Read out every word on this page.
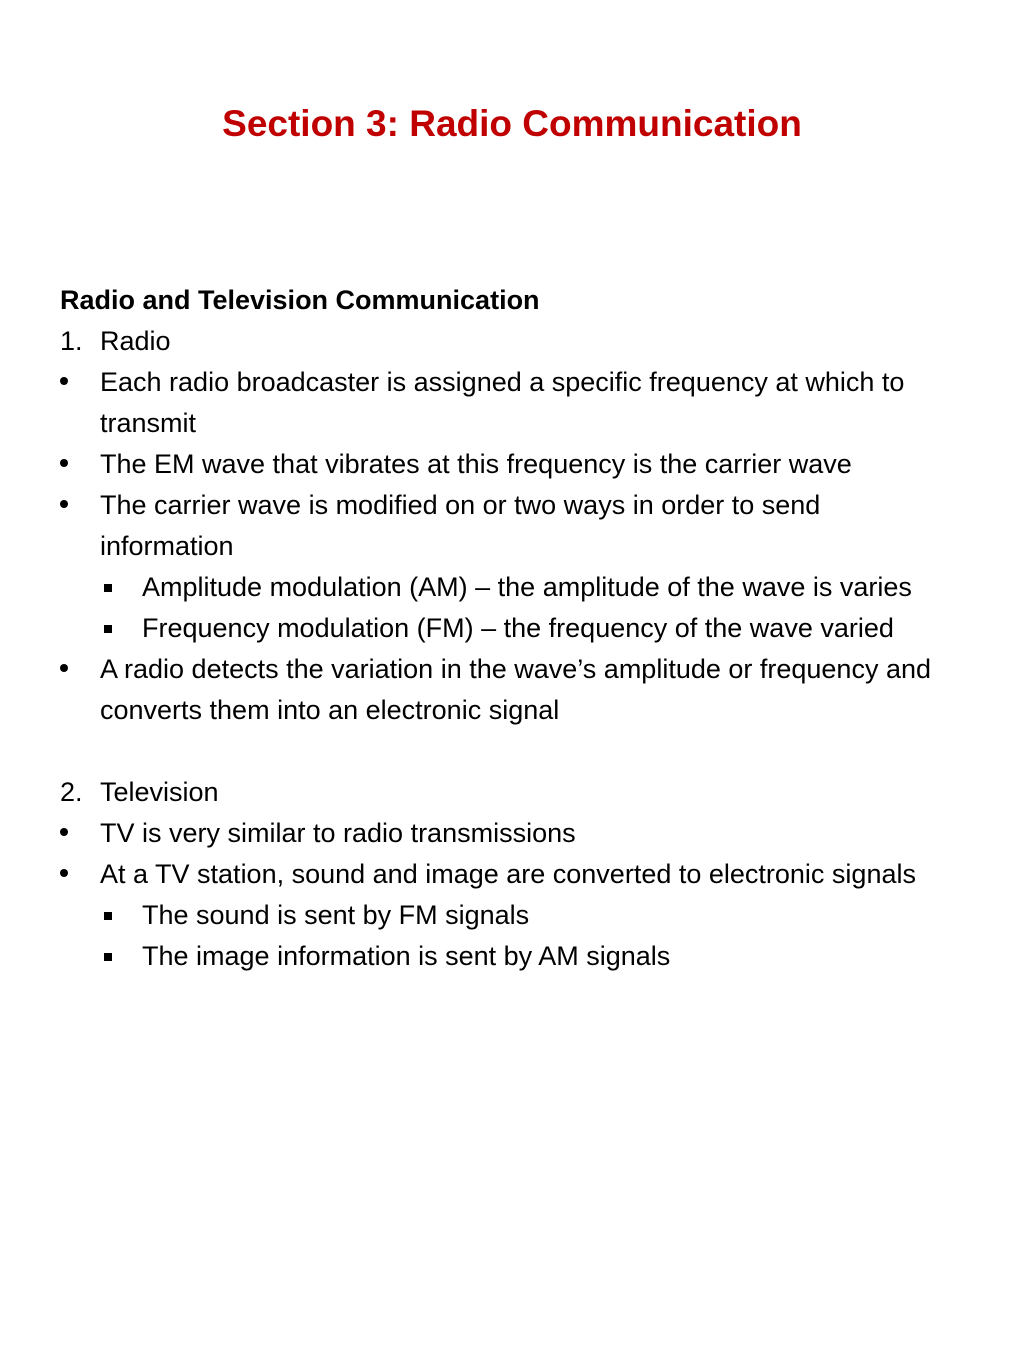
Section 3: Radio Communication
Radio and Television Communication
1. Radio
Each radio broadcaster is assigned a specific frequency at which to transmit
The EM wave that vibrates at this frequency is the carrier wave
The carrier wave is modified on or two ways in order to send information
Amplitude modulation (AM) – the amplitude of the wave is varies
Frequency modulation (FM) – the frequency of the wave varied
A radio detects the variation in the wave’s amplitude or frequency and converts them into an electronic signal
2. Television
TV is very similar to radio transmissions
At a TV station, sound and image are converted to electronic signals
The sound is sent by FM signals
The image information is sent by AM signals
